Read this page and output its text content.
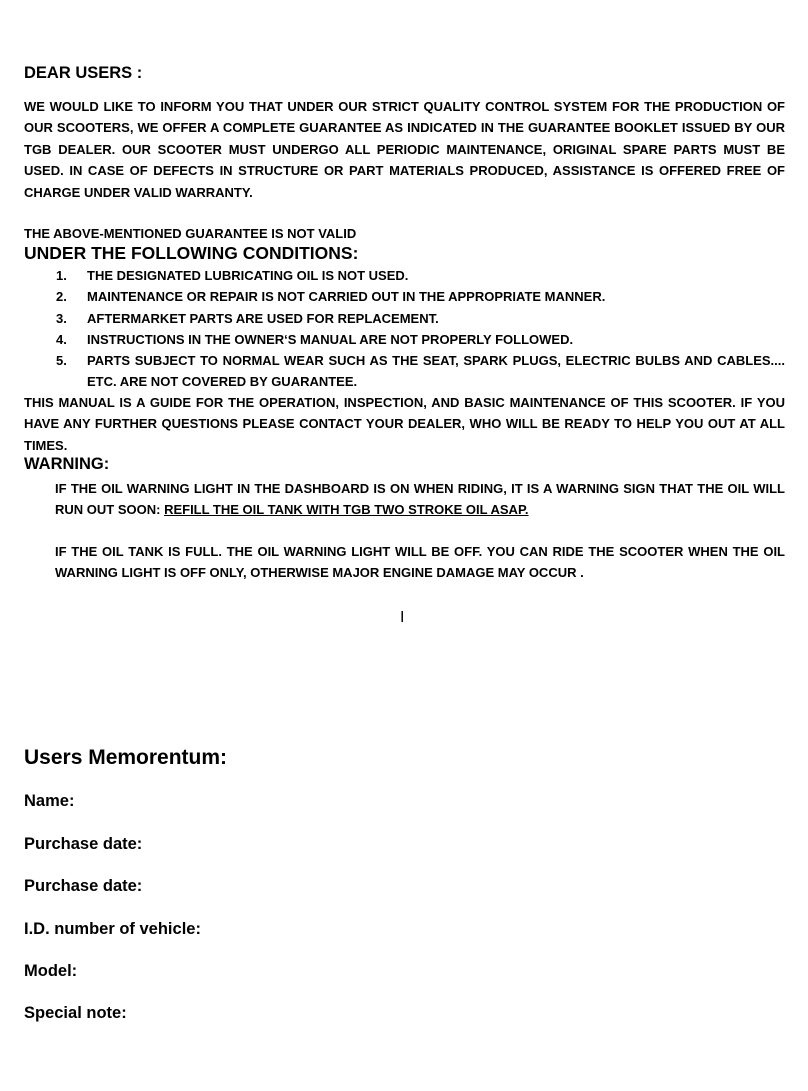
DEAR USERS :
WE WOULD LIKE TO INFORM YOU THAT UNDER OUR STRICT QUALITY CONTROL SYSTEM FOR THE PRODUCTION OF OUR SCOOTERS, WE OFFER A COMPLETE GUARANTEE AS INDICATED IN THE GUARANTEE BOOKLET ISSUED BY OUR TGB DEALER. OUR SCOOTER MUST UNDERGO ALL PERIODIC MAINTENANCE, ORIGINAL SPARE PARTS MUST BE USED. IN CASE OF DEFECTS IN STRUCTURE OR PART MATERIALS PRODUCED, ASSISTANCE IS OFFERED FREE OF CHARGE UNDER VALID WARRANTY.
THE ABOVE-MENTIONED GUARANTEE IS NOT VALID
UNDER THE FOLLOWING CONDITIONS:
1. THE DESIGNATED LUBRICATING OIL IS NOT USED.
2. MAINTENANCE OR REPAIR IS NOT CARRIED OUT IN THE APPROPRIATE MANNER.
3. AFTERMARKET PARTS ARE USED FOR REPLACEMENT.
4. INSTRUCTIONS IN THE OWNER‘S MANUAL ARE NOT PROPERLY FOLLOWED.
5. PARTS SUBJECT TO NORMAL WEAR SUCH AS THE SEAT, SPARK PLUGS, ELECTRIC BULBS AND CABLES.... ETC. ARE NOT COVERED BY GUARANTEE.
THIS MANUAL IS A GUIDE FOR THE OPERATION, INSPECTION, AND BASIC MAINTENANCE OF THIS SCOOTER. IF YOU HAVE ANY FURTHER QUESTIONS PLEASE CONTACT YOUR DEALER, WHO WILL BE READY TO HELP YOU OUT AT ALL TIMES.
WARNING:
IF THE OIL WARNING LIGHT IN THE DASHBOARD IS ON WHEN RIDING, IT IS A WARNING SIGN THAT THE OIL WILL RUN OUT SOON: REFILL THE OIL TANK WITH TGB TWO STROKE OIL ASAP.
IF THE OIL TANK IS FULL. THE OIL WARNING LIGHT WILL BE OFF. YOU CAN RIDE THE SCOOTER WHEN THE OIL WARNING LIGHT IS OFF ONLY, OTHERWISE MAJOR ENGINE DAMAGE MAY OCCUR .
I
Users Memorentum:
Name:
Purchase date:
Purchase date:
I.D. number of vehicle:
Model:
Special note:
